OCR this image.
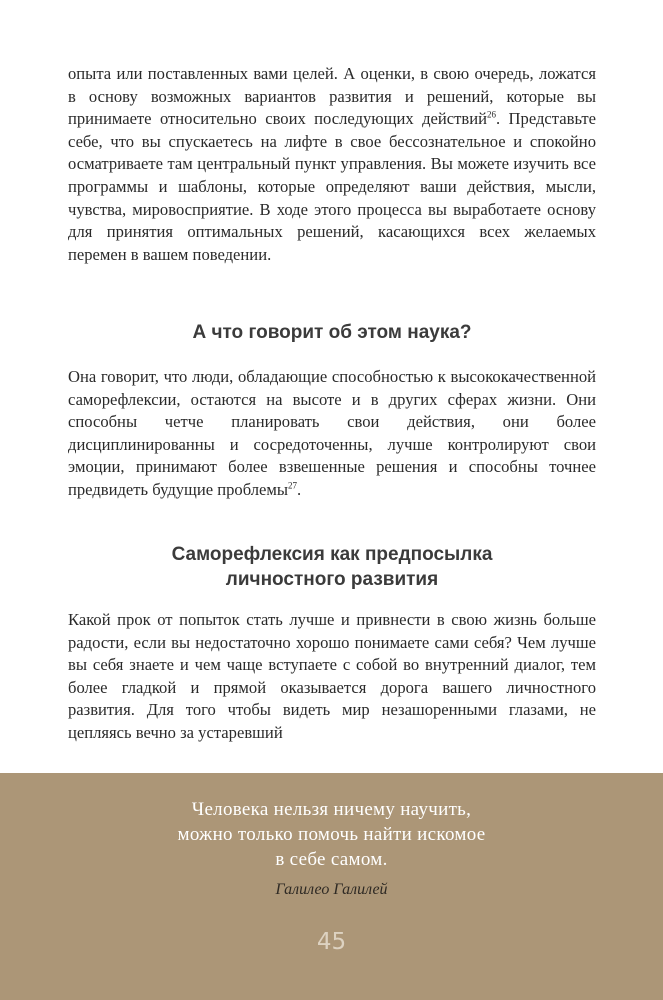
опыта или поставленных вами целей. А оценки, в свою очередь, ложатся в основу возможных вариантов развития и решений, которые вы принимаете относительно своих последующих действий$^{26}$. Представьте себе, что вы спускаетесь на лифте в свое бессознательное и спокойно осматриваете там центральный пункт управления. Вы можете изучить все программы и шаблоны, которые определяют ваши действия, мысли, чувства, мировосприятие. В ходе этого процесса вы выработаете основу для принятия оптимальных решений, касающихся всех желаемых перемен в вашем поведении.

А что говорит об этом наука?

Она говорит, что люди, обладающие способностью к высококачественной саморефлексии, остаются на высоте и в других сферах жизни. Они способны четче планировать свои действия, они более дисциплинированны и сосредоточенны, лучше контролируют свои эмоции, принимают более взвешенные решения и способны точнее предвидеть будущие проблемы$^{27}$.

Саморефлексия как предпосылка
личностного развития

Какой прок от попыток стать лучше и привнести в свою жизнь больше радости, если вы недостаточно хорошо понимаете сами себя? Чем лучше вы себя знаете и чем чаще вступаете с собой во внутренний диалог, тем более гладкой и прямой оказывается дорога вашего личностного развития. Для того чтобы видеть мир незашоренными глазами, не цепляясь вечно за устаревший

Человека нельзя ничему научить,
можно только помочь найти искомое
в себе самом.

Галилео Галилей

45
